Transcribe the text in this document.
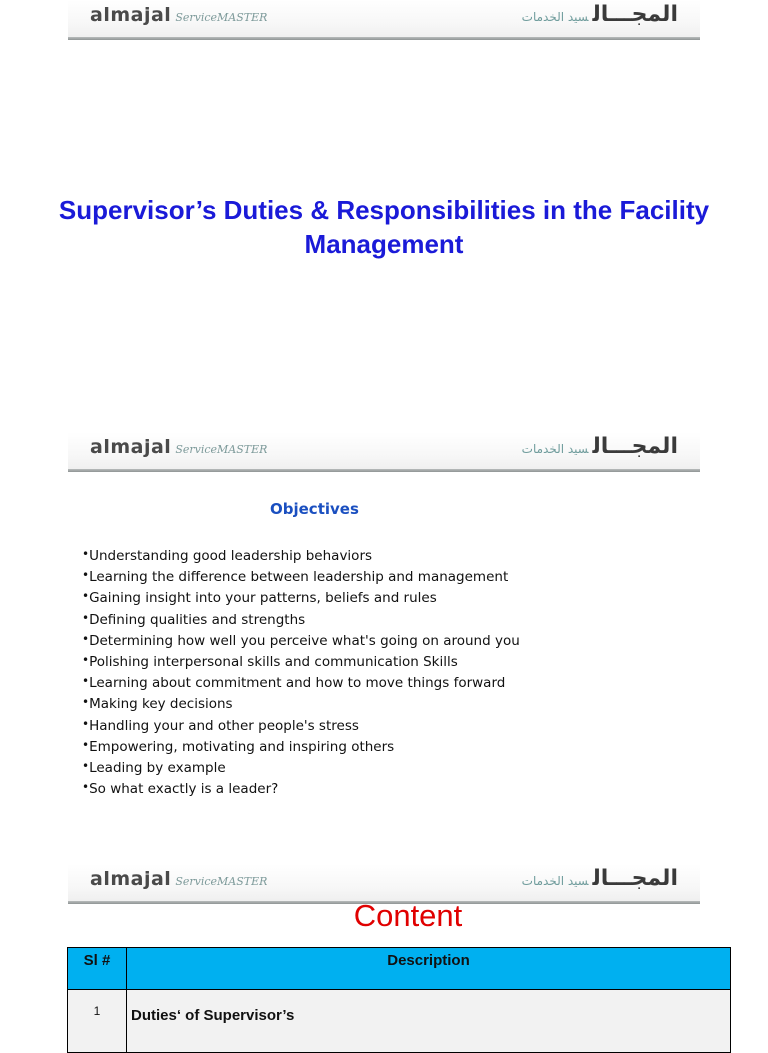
almajal ServiceMASTER	المجـــالسيد الخدمات
Supervisor’s Duties & Responsibilities in the Facility Management
almajal ServiceMASTER	المجـــالسيد الخدمات
Objectives
•Understanding good leadership behaviors
•Learning the difference between leadership and management
•Gaining insight into your patterns, beliefs and rules
•Defining qualities and strengths
•Determining how well you perceive what's going on around you
•Polishing interpersonal skills and communication Skills
•Learning about commitment and how to move things forward
•Making key decisions
•Handling your and other people's stress
•Empowering, motivating and inspiring others
•Leading by example
•So what exactly is a leader?
almajal ServiceMASTER	المجـــالسيد الخدمات
Content
Sl #	Description
1	Duties‘ of Supervisor’s
